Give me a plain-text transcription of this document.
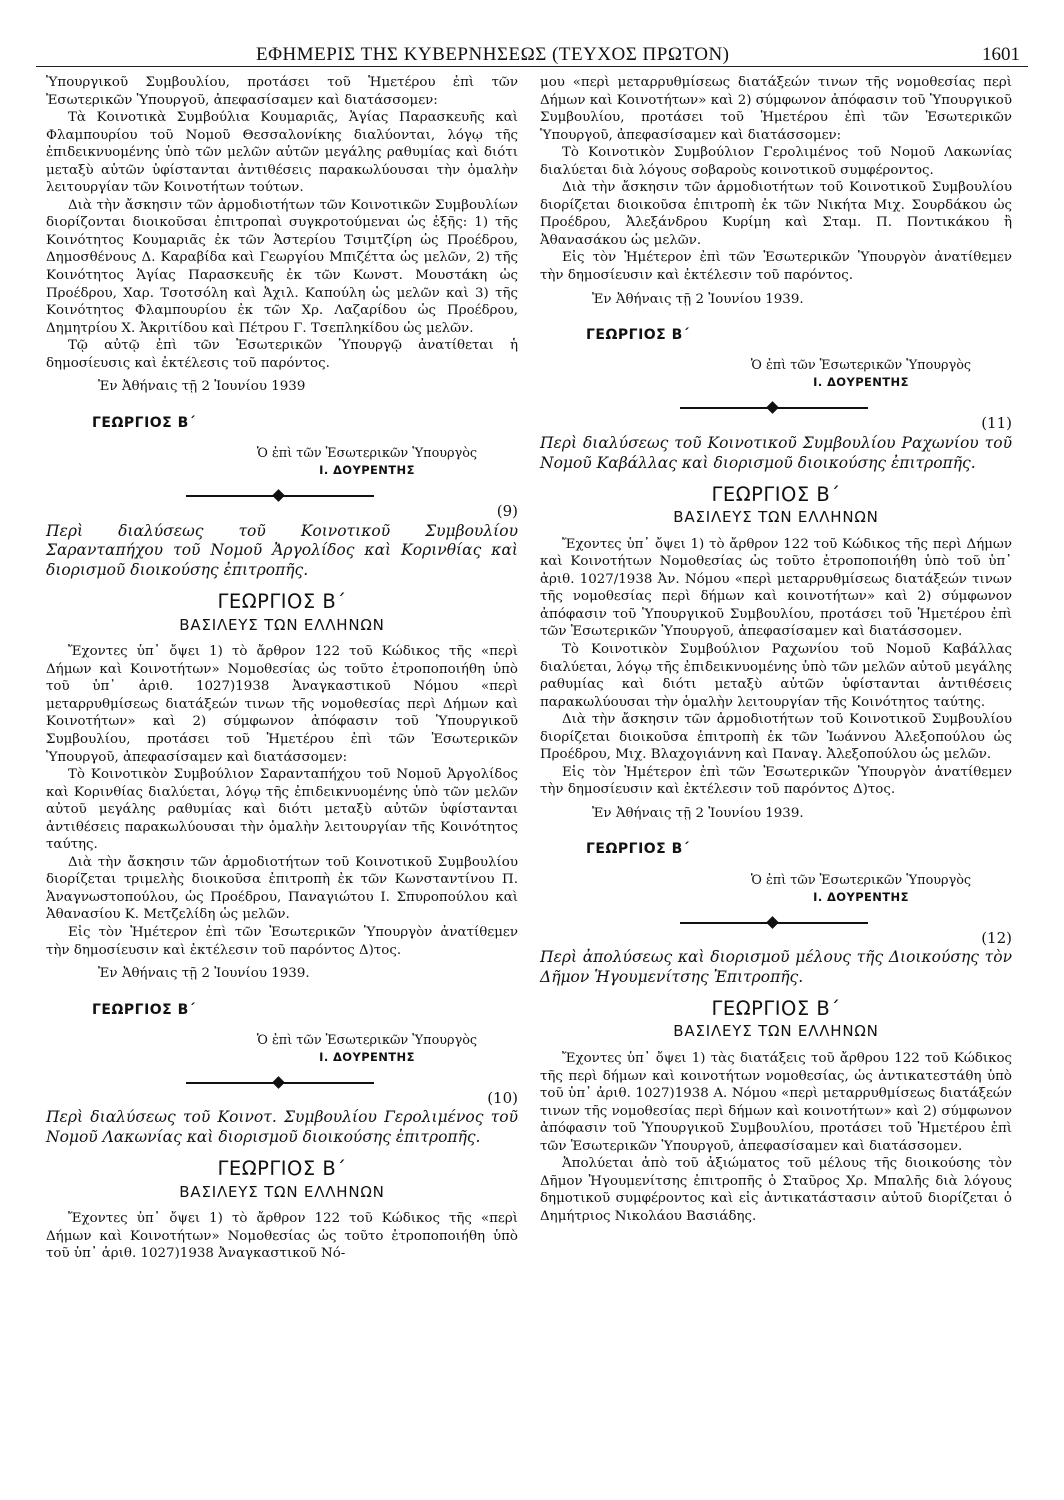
ΕΦΗΜΕΡΙΣ ΤΗΣ ΚΥΒΕΡΝΗΣΕΩΣ (ΤΕΥΧΟΣ ΠΡΩΤΟΝ)	1601

Ὑπουργικοῦ Συμβουλίου, προτάσει τοῦ Ἡμετέρου ἐπὶ τῶν Ἐσωτερικῶν Ὑπουργοῦ, ἀπεφασίσαμεν καὶ διατάσσομεν:

Τὰ Κοινοτικὰ Συμβούλια Κουμαριᾶς, Ἁγίας Παρασκευῆς καὶ Φλαμπουρίου τοῦ Νομοῦ Θεσσαλονίκης διαλύονται, λόγῳ τῆς ἐπιδεικνυομένης ὑπὸ τῶν μελῶν αὐτῶν μεγάλης ραθυμίας καὶ διότι μεταξὺ αὐτῶν ὑφίστανται ἀντιθέσεις παρακωλύουσαι τὴν ὁμαλὴν λειτουργίαν τῶν Κοινοτήτων τούτων.

Διὰ τὴν ἄσκησιν τῶν ἁρμοδιοτήτων τῶν Κοινοτικῶν Συμβουλίων διορίζονται διοικοῦσαι ἐπιτροπαὶ συγκροτούμεναι ὡς ἑξῆς: 1) τῆς Κοινότητος Κουμαριᾶς ἐκ τῶν Ἀστερίου Τσιμτζίρη ὡς Προέδρου, Δημοσθένους Δ. Καραβίδα καὶ Γεωργίου Μπιζέττα ὡς μελῶν, 2) τῆς Κοινότητος Ἁγίας Παρασκευῆς ἐκ τῶν Κωνστ. Μουστάκη ὡς Προέδρου, Χαρ. Τσοτσόλη καὶ Ἀχιλ. Καπούλη ὡς μελῶν καὶ 3) τῆς Κοινότητος Φλαμπουρίου ἐκ τῶν Χρ. Λαζαρίδου ὡς Προέδρου, Δημητρίου Χ. Ἀκριτίδου καὶ Πέτρου Γ. Τσεπληκίδου ὡς μελῶν.

Τῷ αὐτῷ ἐπὶ τῶν Ἐσωτερικῶν Ὑπουργῷ ἀνατίθεται ἡ δημοσίευσις καὶ ἐκτέλεσις τοῦ παρόντος.

Ἐν Ἀθήναις τῇ 2 Ἰουνίου 1939

ΓΕΩΡΓΙΟΣ Β΄
Ὁ ἐπὶ τῶν Ἐσωτερικῶν Ὑπουργὸς
Ι. ΔΟΥΡΕΝΤΗΣ
(9)

Περὶ διαλύσεως τοῦ Κοινοτικοῦ Συμβουλίου Σαρανταπήχου τοῦ Νομοῦ Ἀργολίδος καὶ Κορινθίας καὶ διορισμοῦ διοικούσης ἐπιτροπῆς.

ΓΕΩΡΓΙΟΣ Β΄
ΒΑΣΙΛΕΥΣ ΤΩΝ ΕΛΛΗΝΩΝ

Ἔχοντες ὑπ᾽ ὄψει 1) τὸ ἄρθρον 122 τοῦ Κώδικος τῆς «περὶ Δήμων καὶ Κοινοτήτων» Νομοθεσίας ὡς τοῦτο ἐτροποποιήθη ὑπὸ τοῦ ὑπ᾽ ἀριθ. 1027)1938 Ἀναγκαστικοῦ Νόμου «περὶ μεταρρυθμίσεως διατάξεών τινων τῆς νομοθεσίας περὶ Δήμων καὶ Κοινοτήτων» καὶ 2) σύμφωνον ἀπόφασιν τοῦ Ὑπουργικοῦ Συμβουλίου, προτάσει τοῦ Ἡμετέρου ἐπὶ τῶν Ἐσωτερικῶν Ὑπουργοῦ, ἀπεφασίσαμεν καὶ διατάσσομεν:

Τὸ Κοινοτικὸν Συμβούλιον Σαρανταπήχου τοῦ Νομοῦ Ἀργολίδος καὶ Κορινθίας διαλύεται, λόγῳ τῆς ἐπιδεικνυομένης ὑπὸ τῶν μελῶν αὐτοῦ μεγάλης ραθυμίας καὶ διότι μεταξὺ αὐτῶν ὑφίστανται ἀντιθέσεις παρακωλύουσαι τὴν ὁμαλὴν λειτουργίαν τῆς Κοινότητος ταύτης.

Διὰ τὴν ἄσκησιν τῶν ἁρμοδιοτήτων τοῦ Κοινοτικοῦ Συμβουλίου διορίζεται τριμελὴς διοικοῦσα ἐπιτροπὴ ἐκ τῶν Κωνσταντίνου Π. Ἀναγνωστοπούλου, ὡς Προέδρου, Παναγιώτου Ι. Σπυροπούλου καὶ Ἀθανασίου Κ. Μετζελίδη ὡς μελῶν.

Εἰς τὸν Ἡμέτερον ἐπὶ τῶν Ἐσωτερικῶν Ὑπουργὸν ἀνατίθεμεν τὴν δημοσίευσιν καὶ ἐκτέλεσιν τοῦ παρόντος Δ)τος.

Ἐν Ἀθήναις τῇ 2 Ἰουνίου 1939.

ΓΕΩΡΓΙΟΣ Β΄
Ὁ ἐπὶ τῶν Ἐσωτερικῶν Ὑπουργὸς
Ι. ΔΟΥΡΕΝΤΗΣ
(10)

Περὶ διαλύσεως τοῦ Κοινοτ. Συμβουλίου Γερολιμένος τοῦ Νομοῦ Λακωνίας καὶ διορισμοῦ διοικούσης ἐπιτροπῆς.

ΓΕΩΡΓΙΟΣ Β΄
ΒΑΣΙΛΕΥΣ ΤΩΝ ΕΛΛΗΝΩΝ

Ἔχοντες ὑπ᾽ ὄψει 1) τὸ ἄρθρον 122 τοῦ Κώδικος τῆς «περὶ Δήμων καὶ Κοινοτήτων» Νομοθεσίας ὡς τοῦτο ἐτροποποιήθη ὑπὸ τοῦ ὑπ᾽ ἀριθ. 1027)1938 Ἀναγκαστικοῦ Νό-

μου «περὶ μεταρρυθμίσεως διατάξεών τινων τῆς νομοθεσίας περὶ Δήμων καὶ Κοινοτήτων» καὶ 2) σύμφωνον ἀπόφασιν τοῦ Ὑπουργικοῦ Συμβουλίου, προτάσει τοῦ Ἡμετέρου ἐπὶ τῶν Ἐσωτερικῶν Ὑπουργοῦ, ἀπεφασίσαμεν καὶ διατάσσομεν:

Τὸ Κοινοτικὸν Συμβούλιον Γερολιμένος τοῦ Νομοῦ Λακωνίας διαλύεται διὰ λόγους σοβαροὺς κοινοτικοῦ συμφέροντος.

Διὰ τὴν ἄσκησιν τῶν ἁρμοδιοτήτων τοῦ Κοινοτικοῦ Συμβουλίου διορίζεται διοικοῦσα ἐπιτροπὴ ἐκ τῶν Νικήτα Μιχ. Σουρδάκου ὡς Προέδρου, Ἀλεξάνδρου Κυρίμη καὶ Σταμ. Π. Ποντικάκου ἢ Ἀθανασάκου ὡς μελῶν.

Εἰς τὸν Ἡμέτερον ἐπὶ τῶν Ἐσωτερικῶν Ὑπουργὸν ἀνατίθεμεν τὴν δημοσίευσιν καὶ ἐκτέλεσιν τοῦ παρόντος.

Ἐν Ἀθήναις τῇ 2 Ἰουνίου 1939.

ΓΕΩΡΓΙΟΣ Β΄
Ὁ ἐπὶ τῶν Ἐσωτερικῶν Ὑπουργὸς
Ι. ΔΟΥΡΕΝΤΗΣ
(11)

Περὶ διαλύσεως τοῦ Κοινοτικοῦ Συμβουλίου Ραχωνίου τοῦ Νομοῦ Καβάλλας καὶ διορισμοῦ διοικούσης ἐπιτροπῆς.

ΓΕΩΡΓΙΟΣ Β΄
ΒΑΣΙΛΕΥΣ ΤΩΝ ΕΛΛΗΝΩΝ

Ἔχοντες ὑπ᾽ ὄψει 1) τὸ ἄρθρον 122 τοῦ Κώδικος τῆς περὶ Δήμων καὶ Κοινοτήτων Νομοθεσίας ὡς τοῦτο ἐτροποποιήθη ὑπὸ τοῦ ὑπ᾽ ἀριθ. 1027/1938 Ἀν. Νόμου «περὶ μεταρρυθμίσεως διατάξεών τινων τῆς νομοθεσίας περὶ δήμων καὶ κοινοτήτων» καὶ 2) σύμφωνον ἀπόφασιν τοῦ Ὑπουργικοῦ Συμβουλίου, προτάσει τοῦ Ἡμετέρου ἐπὶ τῶν Ἐσωτερικῶν Ὑπουργοῦ, ἀπεφασίσαμεν καὶ διατάσσομεν.

Τὸ Κοινοτικὸν Συμβούλιον Ραχωνίου τοῦ Νομοῦ Καβάλλας διαλύεται, λόγῳ τῆς ἐπιδεικνυομένης ὑπὸ τῶν μελῶν αὐτοῦ μεγάλης ραθυμίας καὶ διότι μεταξὺ αὐτῶν ὑφίστανται ἀντιθέσεις παρακωλύουσαι τὴν ὁμαλὴν λειτουργίαν τῆς Κοινότητος ταύτης.

Διὰ τὴν ἄσκησιν τῶν ἁρμοδιοτήτων τοῦ Κοινοτικοῦ Συμβουλίου διορίζεται διοικοῦσα ἐπιτροπὴ ἐκ τῶν Ἰωάννου Ἀλεξοπούλου ὡς Προέδρου, Μιχ. Βλαχογιάννη καὶ Παναγ. Ἀλεξοπούλου ὡς μελῶν.

Εἰς τὸν Ἡμέτερον ἐπὶ τῶν Ἐσωτερικῶν Ὑπουργὸν ἀνατίθεμεν τὴν δημοσίευσιν καὶ ἐκτέλεσιν τοῦ παρόντος Δ)τος.

Ἐν Ἀθήναις τῇ 2 Ἰουνίου 1939.

ΓΕΩΡΓΙΟΣ Β΄
Ὁ ἐπὶ τῶν Ἐσωτερικῶν Ὑπουργὸς
Ι. ΔΟΥΡΕΝΤΗΣ
(12)

Περὶ ἀπολύσεως καὶ διορισμοῦ μέλους τῆς Διοικούσης τὸν Δῆμον Ἡγουμενίτσης Ἐπιτροπῆς.

ΓΕΩΡΓΙΟΣ Β΄
ΒΑΣΙΛΕΥΣ ΤΩΝ ΕΛΛΗΝΩΝ

Ἔχοντες ὑπ᾽ ὄψει 1) τὰς διατάξεις τοῦ ἄρθρου 122 τοῦ Κώδικος τῆς περὶ δήμων καὶ κοινοτήτων νομοθεσίας, ὡς ἀντικατεστάθη ὑπὸ τοῦ ὑπ᾽ ἀριθ. 1027)1938 Α. Νόμου «περὶ μεταρρυθμίσεως διατάξεών τινων τῆς νομοθεσίας περὶ δήμων καὶ κοινοτήτων» καὶ 2) σύμφωνον ἀπόφασιν τοῦ Ὑπουργικοῦ Συμβουλίου, προτάσει τοῦ Ἡμετέρου ἐπὶ τῶν Ἐσωτερικῶν Ὑπουργοῦ, ἀπεφασίσαμεν καὶ διατάσσομεν.

Ἀπολύεται ἀπὸ τοῦ ἀξιώματος τοῦ μέλους τῆς διοικούσης τὸν Δῆμον Ἡγουμενίτσης ἐπιτροπῆς ὁ Σταῦρος Χρ. Μπαλῆς διὰ λόγους δημοτικοῦ συμφέροντος καὶ εἰς ἀντικατάστασιν αὐτοῦ διορίζεται ὁ Δημήτριος Νικολάου Βασιάδης.
